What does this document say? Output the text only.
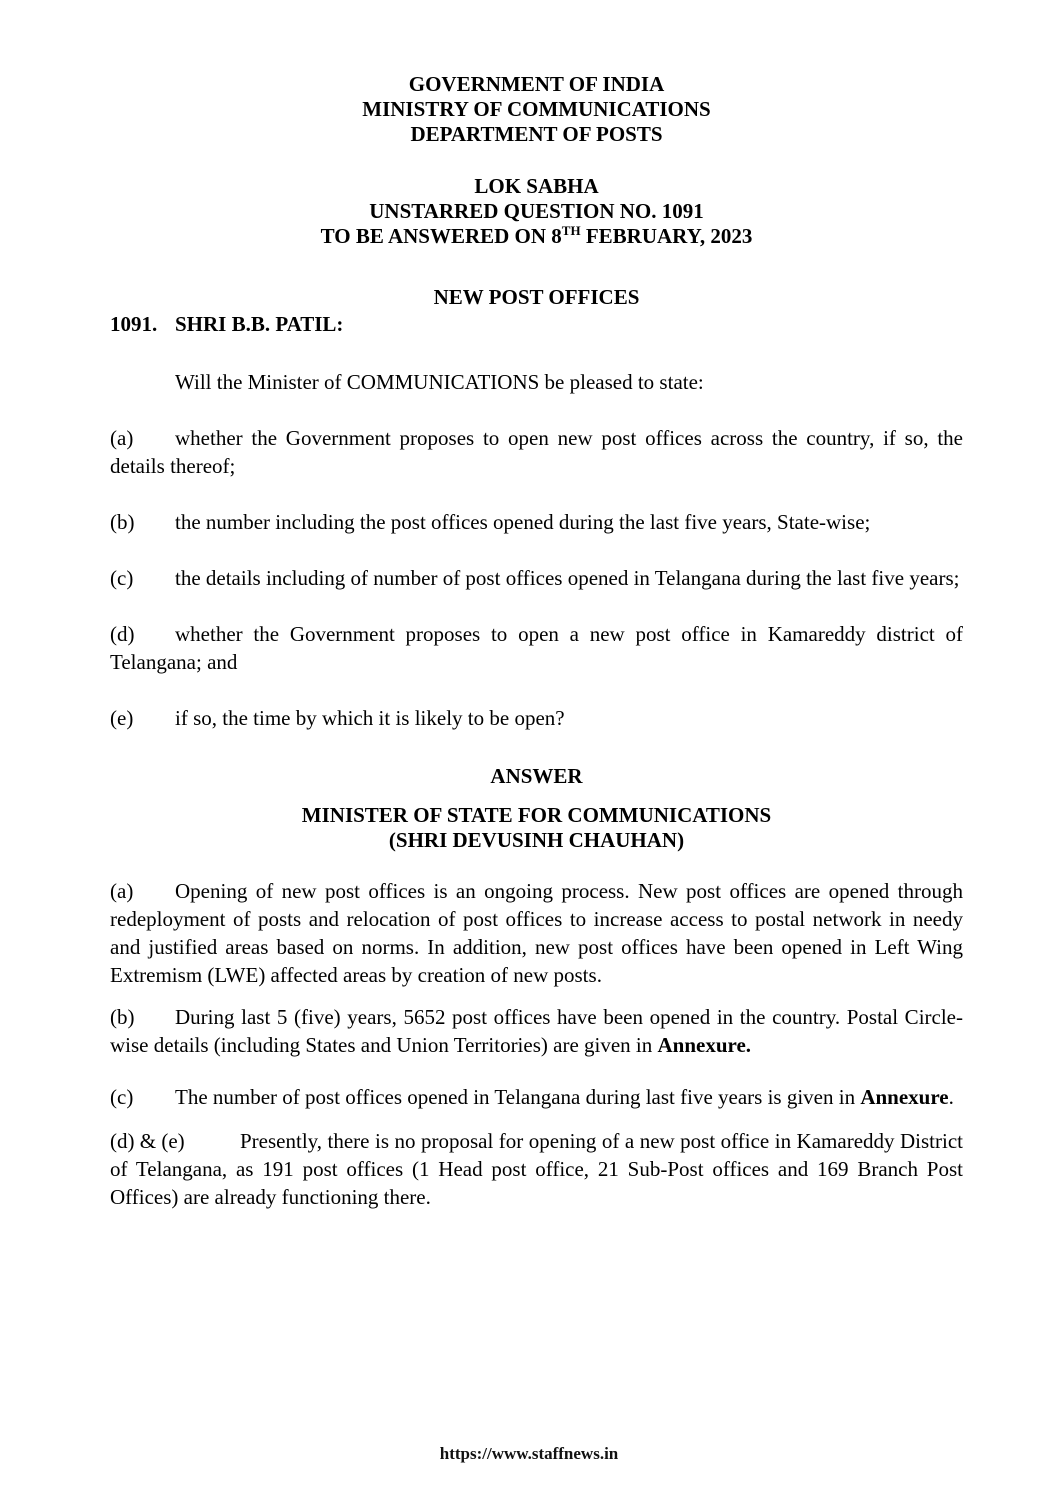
GOVERNMENT OF INDIA
MINISTRY OF COMMUNICATIONS
DEPARTMENT OF POSTS
LOK SABHA
UNSTARRED QUESTION NO. 1091
TO BE ANSWERED ON 8TH FEBRUARY, 2023
NEW POST OFFICES
1091. SHRI B.B. PATIL:

Will the Minister of COMMUNICATIONS be pleased to state:

(a) whether the Government proposes to open new post offices across the country, if so, the details thereof;

(b) the number including the post offices opened during the last five years, State-wise;

(c) the details including of number of post offices opened in Telangana during the last five years;

(d) whether the Government proposes to open a new post office in Kamareddy district of Telangana; and

(e) if so, the time by which it is likely to be open?

ANSWER
MINISTER OF STATE FOR COMMUNICATIONS
(SHRI DEVUSINH CHAUHAN)

(a) Opening of new post offices is an ongoing process. New post offices are opened through redeployment of posts and relocation of post offices to increase access to postal network in needy and justified areas based on norms. In addition, new post offices have been opened in Left Wing Extremism (LWE) affected areas by creation of new posts.

(b) During last 5 (five) years, 5652 post offices have been opened in the country. Postal Circle-wise details (including States and Union Territories) are given in Annexure.

(c) The number of post offices opened in Telangana during last five years is given in Annexure.

(d) & (e)	Presently, there is no proposal for opening of a new post office in Kamareddy District of Telangana, as 191 post offices (1 Head post office, 21 Sub-Post offices and 169 Branch Post Offices) are already functioning there.

https://www.staffnews.in
